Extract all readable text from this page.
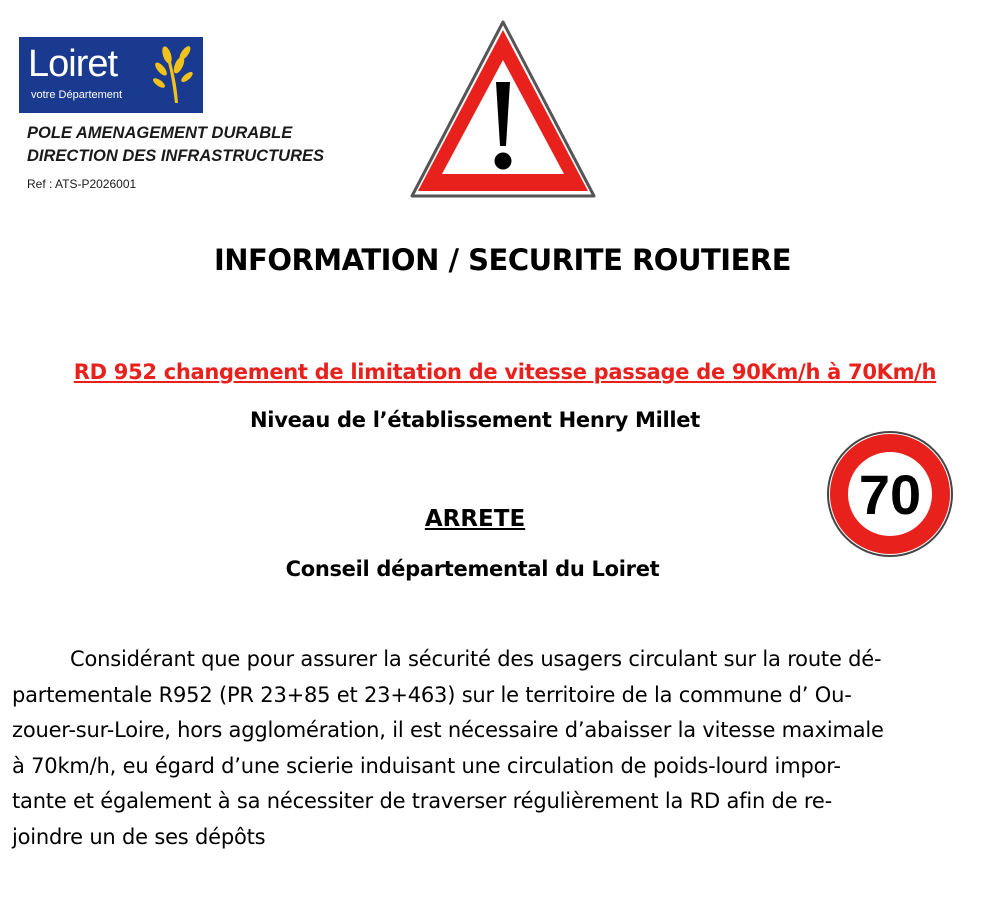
Loiret
votre Département
POLE AMENAGEMENT DURABLE
DIRECTION DES INFRASTRUCTURES
Ref : ATS-P2026001
INFORMATION / SECURITE ROUTIERE
RD 952 changement de limitation de vitesse passage de 90Km/h à 70Km/h
Niveau de l’établissement Henry Millet
70
ARRETE
Conseil départemental du Loiret
Considérant que pour assurer la sécurité des usagers circulant sur la route dé-
partementale R952 (PR 23+85 et 23+463) sur le territoire de la commune d’ Ou-
zouer-sur-Loire, hors agglomération, il est nécessaire d’abaisser la vitesse maximale
à 70km/h, eu égard d’une scierie induisant une circulation de poids-lourd impor-
tante et également à sa nécessiter de traverser régulièrement la RD afin de re-
joindre un de ses dépôts
